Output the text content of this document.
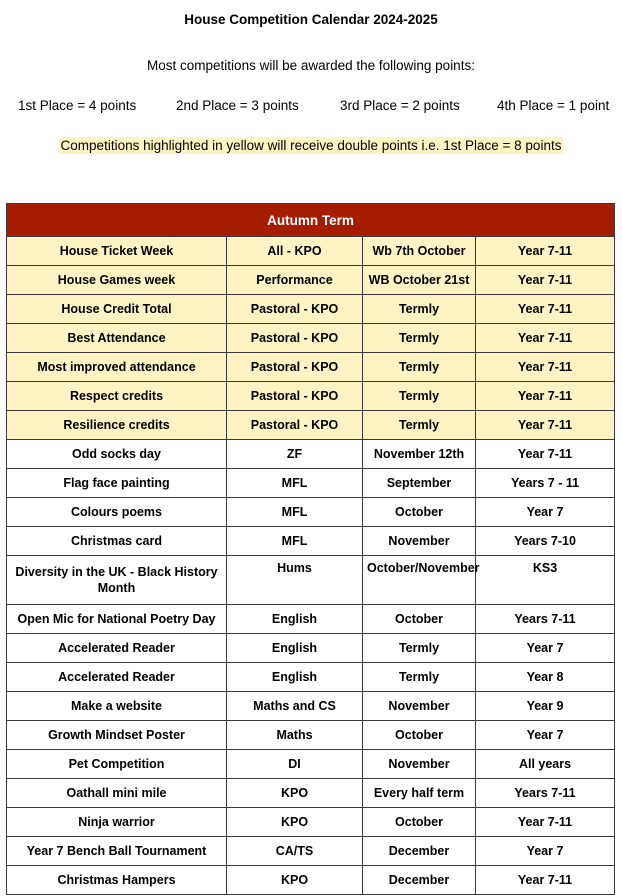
House Competition Calendar 2024-2025
Most competitions will be awarded the following points:
1st Place = 4 points	2nd Place = 3 points	3rd Place = 2 points	4th Place = 1 point
Competitions highlighted in yellow will receive double points i.e. 1st Place = 8 points
Autumn Term			
House Ticket Week	All - KPO	Wb 7th October	Year 7-11
House Games week	Performance	WB October 21st	Year 7-11
House Credit Total	Pastoral - KPO	Termly	Year 7-11
Best Attendance	Pastoral - KPO	Termly	Year 7-11
Most improved attendance	Pastoral - KPO	Termly	Year 7-11
Respect credits	Pastoral - KPO	Termly	Year 7-11
Resilience credits	Pastoral - KPO	Termly	Year 7-11
Odd socks day	ZF	November 12th	Year 7-11
Flag face painting	MFL	September	Years 7 - 11
Colours poems	MFL	October	Year 7
Christmas card	MFL	November	Years 7-10
Diversity in the UK - Black History Month	Hums	October/November	KS3
Open Mic for National Poetry Day	English	October	Years 7-11
Accelerated Reader	English	Termly	Year 7
Accelerated Reader	English	Termly	Year 8
Make a website	Maths and CS	November	Year 9
Growth Mindset Poster	Maths	October	Year 7
Pet Competition	DI	November	All years
Oathall mini mile	KPO	Every half term	Years 7-11
Ninja warrior	KPO	October	Year 7-11
Year 7 Bench Ball Tournament	CA/TS	December	Year 7
Christmas Hampers	KPO	December	Year 7-11
